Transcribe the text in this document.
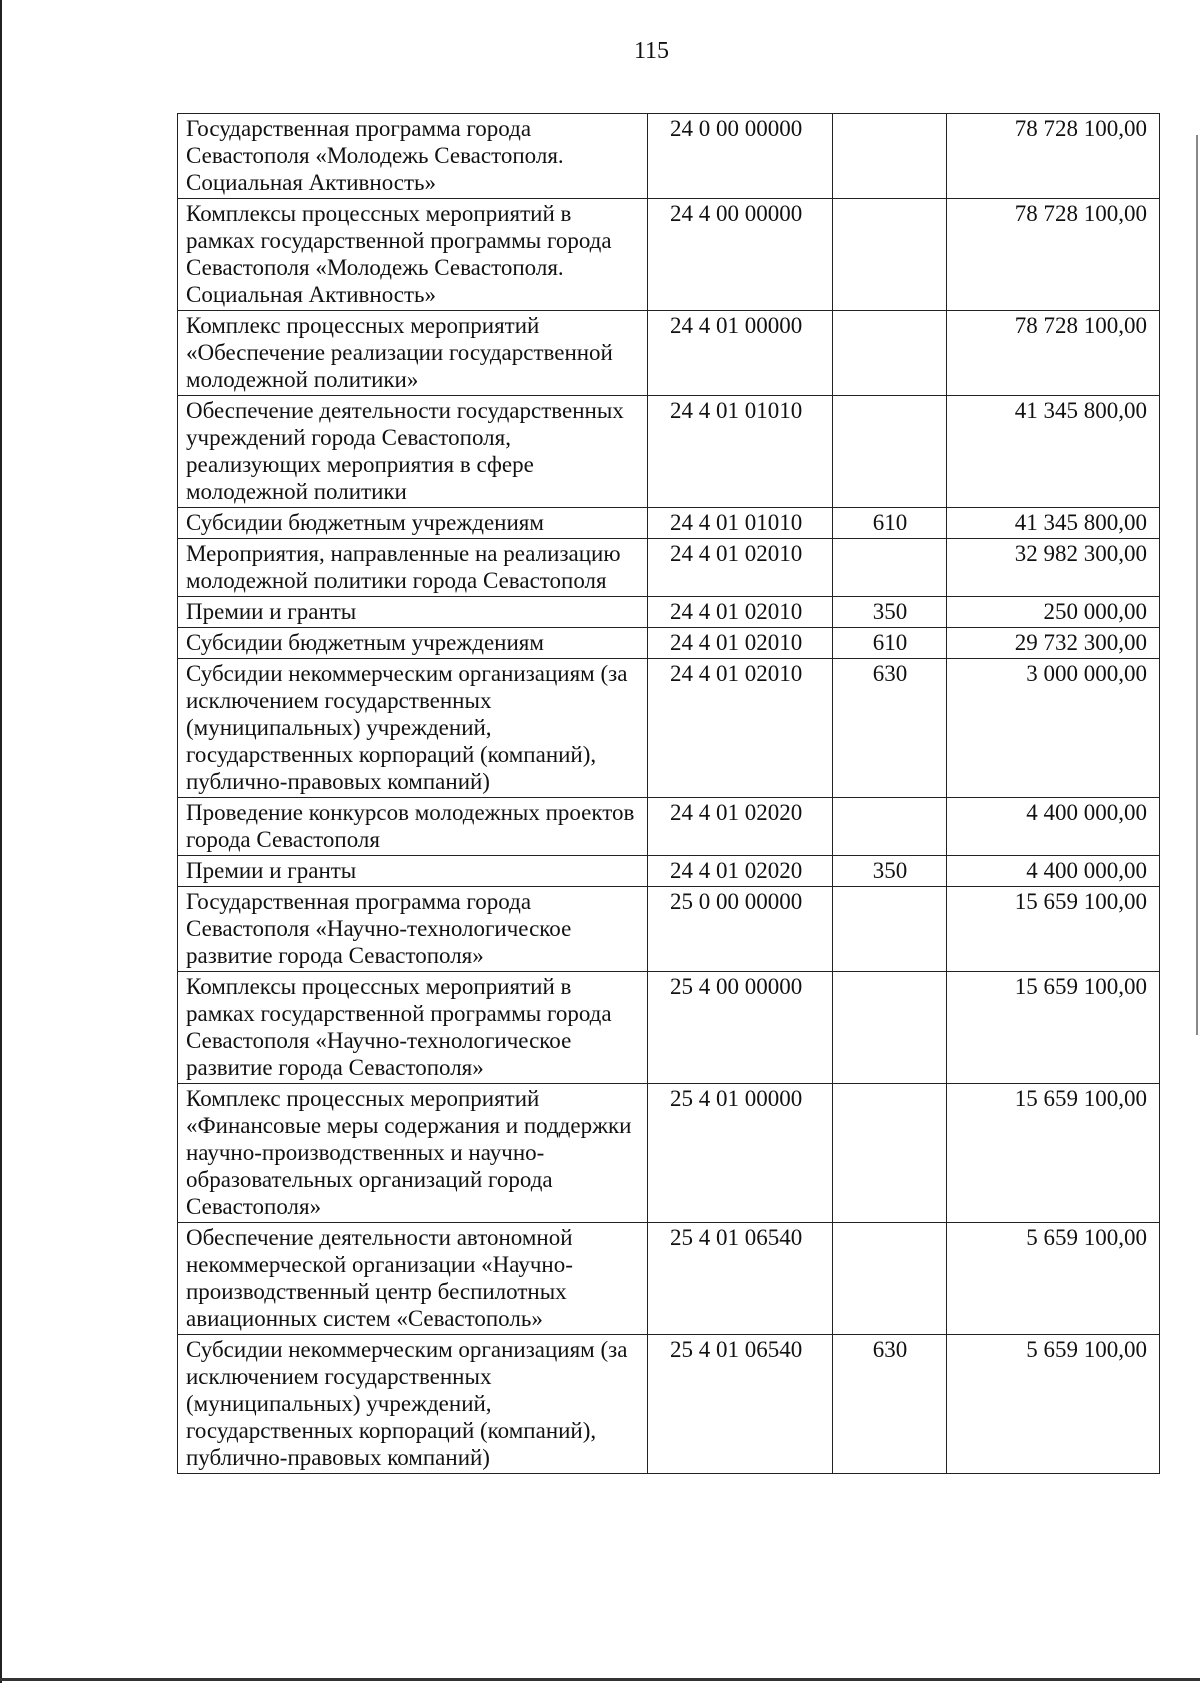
115
Государственная программа города Севастополя «Молодежь Севастополя. Социальная Активность»	24 0 00 00000		78 728 100,00
Комплексы процессных мероприятий в рамках государственной программы города Севастополя «Молодежь Севастополя. Социальная Активность»	24 4 00 00000		78 728 100,00
Комплекс процессных мероприятий «Обеспечение реализации государственной молодежной политики»	24 4 01 00000		78 728 100,00
Обеспечение деятельности государственных учреждений города Севастополя, реализующих мероприятия в сфере молодежной политики	24 4 01 01010		41 345 800,00
Субсидии бюджетным учреждениям	24 4 01 01010	610	41 345 800,00
Мероприятия, направленные на реализацию молодежной политики города Севастополя	24 4 01 02010		32 982 300,00
Премии и гранты	24 4 01 02010	350	250 000,00
Субсидии бюджетным учреждениям	24 4 01 02010	610	29 732 300,00
Субсидии некоммерческим организациям (за исключением государственных (муниципальных) учреждений, государственных корпораций (компаний), публично-правовых компаний)	24 4 01 02010	630	3 000 000,00
Проведение конкурсов молодежных проектов города Севастополя	24 4 01 02020		4 400 000,00
Премии и гранты	24 4 01 02020	350	4 400 000,00
Государственная программа города Севастополя «Научно-технологическое развитие города Севастополя»	25 0 00 00000		15 659 100,00
Комплексы процессных мероприятий в рамках государственной программы города Севастополя «Научно-технологическое развитие города Севастополя»	25 4 00 00000		15 659 100,00
Комплекс процессных мероприятий «Финансовые меры содержания и поддержки научно-производственных и научно-образовательных организаций города Севастополя»	25 4 01 00000		15 659 100,00
Обеспечение деятельности автономной некоммерческой организации «Научно-производственный центр беспилотных авиационных систем «Севастополь»	25 4 01 06540		5 659 100,00
Субсидии некоммерческим организациям (за исключением государственных (муниципальных) учреждений, государственных корпораций (компаний), публично-правовых компаний)	25 4 01 06540	630	5 659 100,00
